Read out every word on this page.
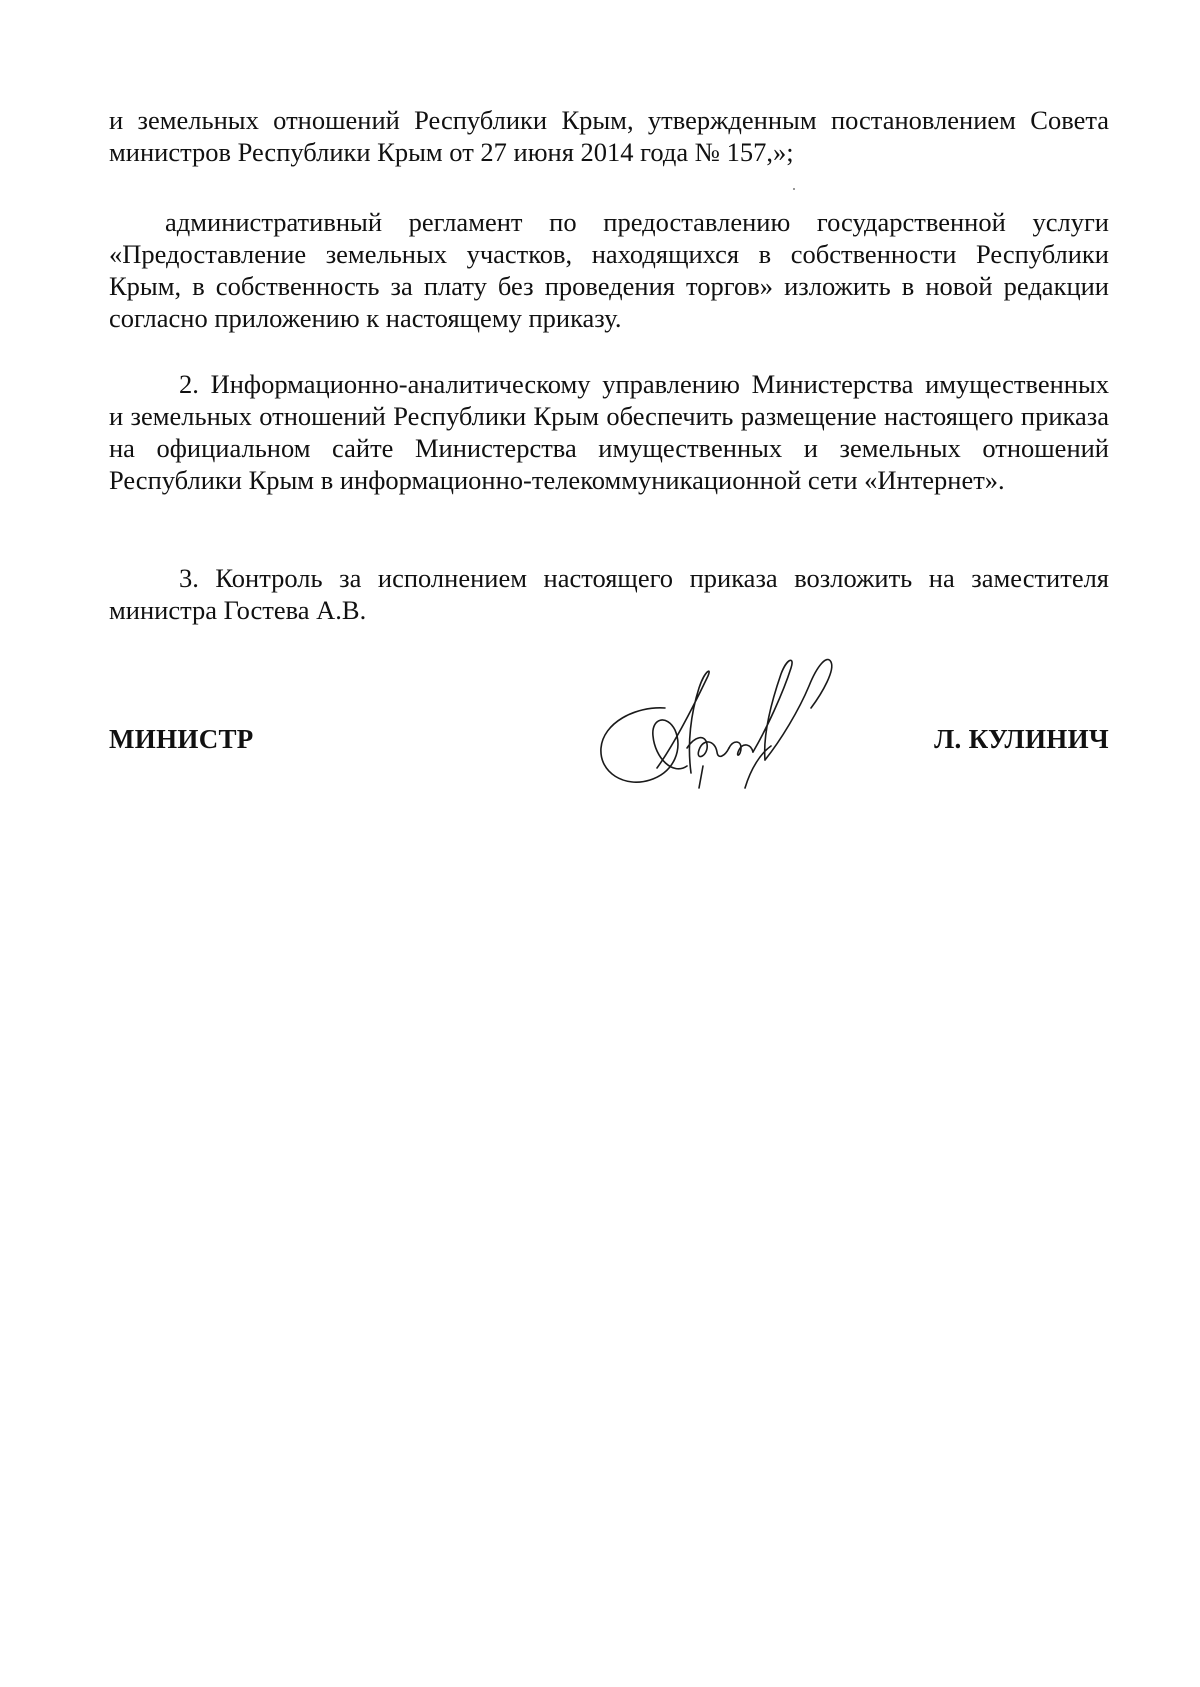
и земельных отношений Республики Крым, утвержденным постановлением Совета министров Республики Крым от 27 июня 2014 года № 157,»;
административный регламент по предоставлению государственной услуги «Предоставление земельных участков, находящихся в собственности Республики Крым, в собственность за плату без проведения торгов» изложить в новой редакции согласно приложению к настоящему приказу.
2. Информационно-аналитическому управлению Министерства имущественных и земельных отношений Республики Крым обеспечить размещение настоящего приказа на официальном сайте Министерства имущественных и земельных отношений Республики Крым в информационно-телекоммуникационной сети «Интернет».
3. Контроль за исполнением настоящего приказа возложить на заместителя министра Гостева А.В.
МИНИСТР	Л. КУЛИНИЧ
